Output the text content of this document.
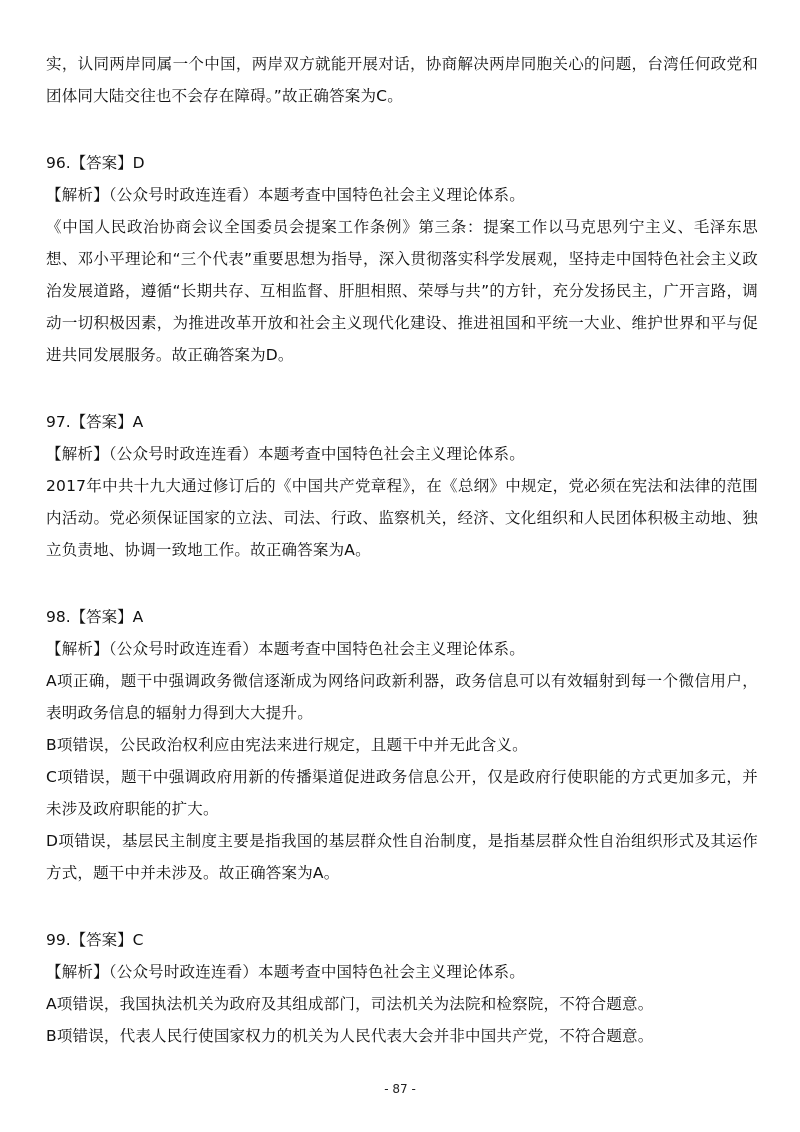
实，认同两岸同属一个中国，两岸双方就能开展对话，协商解决两岸同胞关心的问题，台湾任何政党和团体同大陆交往也不会存在障碍。”故正确答案为C。

96.【答案】D

【解析】（公众号时政连连看）本题考查中国特色社会主义理论体系。

《中国人民政治协商会议全国委员会提案工作条例》第三条：提案工作以马克思列宁主义、毛泽东思想、邓小平理论和“三个代表”重要思想为指导，深入贯彻落实科学发展观，坚持走中国特色社会主义政治发展道路，遵循“长期共存、互相监督、肝胆相照、荣辱与共”的方针，充分发扬民主，广开言路，调动一切积极因素，为推进改革开放和社会主义现代化建设、推进祖国和平统一大业、维护世界和平与促进共同发展服务。故正确答案为D。

97.【答案】A

【解析】（公众号时政连连看）本题考查中国特色社会主义理论体系。

2017年中共十九大通过修订后的《中国共产党章程》，在《总纲》中规定，党必须在宪法和法律的范围内活动。党必须保证国家的立法、司法、行政、监察机关，经济、文化组织和人民团体积极主动地、独立负责地、协调一致地工作。故正确答案为A。

98.【答案】A

【解析】（公众号时政连连看）本题考查中国特色社会主义理论体系。

A项正确，题干中强调政务微信逐渐成为网络问政新利器，政务信息可以有效辐射到每一个微信用户，表明政务信息的辐射力得到大大提升。

B项错误，公民政治权利应由宪法来进行规定，且题干中并无此含义。

C项错误，题干中强调政府用新的传播渠道促进政务信息公开，仅是政府行使职能的方式更加多元，并未涉及政府职能的扩大。

D项错误，基层民主制度主要是指我国的基层群众性自治制度，是指基层群众性自治组织形式及其运作方式，题干中并未涉及。故正确答案为A。

99.【答案】C

【解析】（公众号时政连连看）本题考查中国特色社会主义理论体系。

A项错误，我国执法机关为政府及其组成部门，司法机关为法院和检察院，不符合题意。

B项错误，代表人民行使国家权力的机关为人民代表大会并非中国共产党，不符合题意。

- 87 -
